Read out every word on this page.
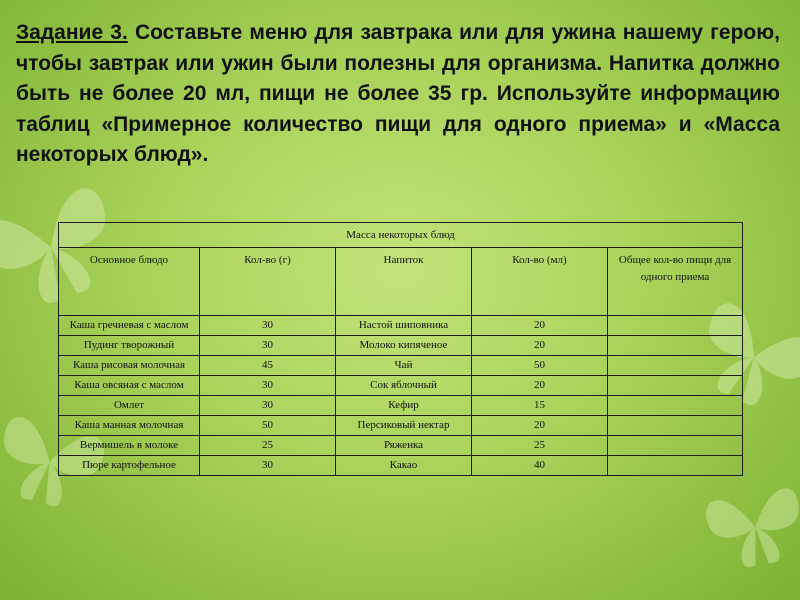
Задание 3. Составьте меню для завтрака или для ужина нашему герою, чтобы завтрак или ужин были полезны для организма. Напитка должно быть не более 20 мл, пищи не более 35 гр. Используйте информацию таблиц «Примерное количество пищи для одного приема» и «Масса некоторых блюд».

Масса некоторых блюд				
Основное блюдо	Кол-во (г)	Напиток	Кол-во (мл)	Общее кол-во пищи для одного приема
Каша гречневая с маслом	30	Настой шиповника	20	
Пудинг творожный	30	Молоко кипяченое	20	
Каша рисовая молочная	45	Чай	50	
Каша овсяная с маслом	30	Сок яблочный	20	
Омлет	30	Кефир	15	
Каша манная молочная	50	Персиковый нектар	20	
Вермишель в молоке	25	Ряженка	25	
Пюре картофельное	30	Какао	40	
